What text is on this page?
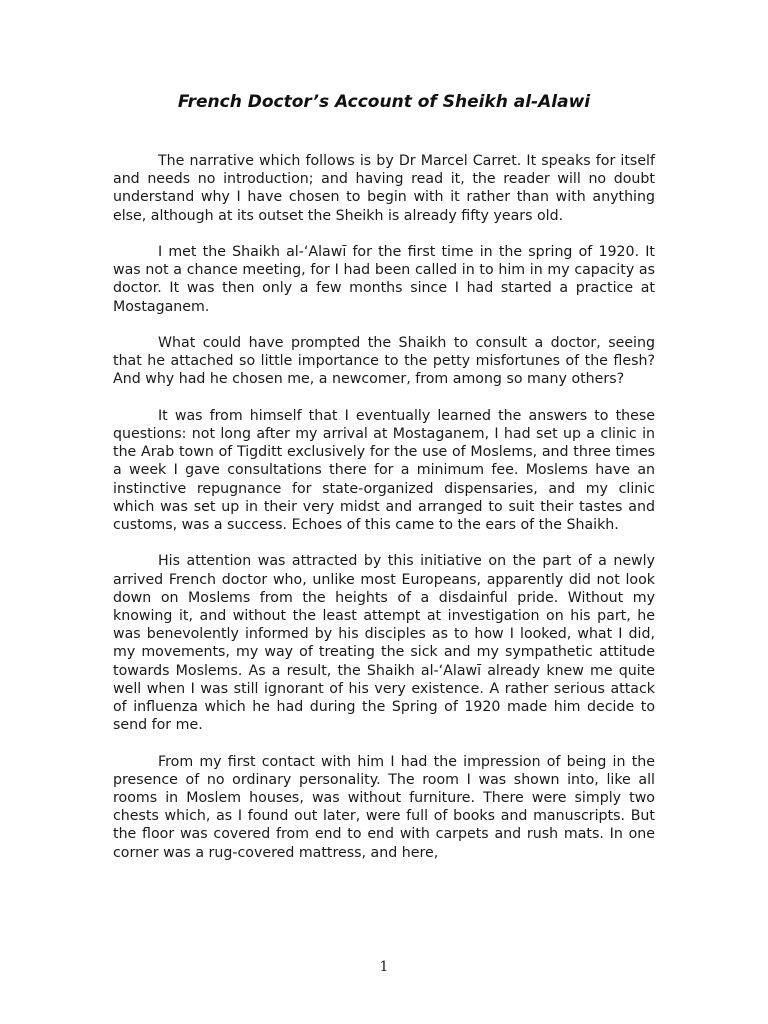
French Doctor’s Account of Sheikh al-Alawi

The narrative which follows is by Dr Marcel Carret. It speaks for itself and needs no introduction; and having read it, the reader will no doubt understand why I have chosen to begin with it rather than with anything else, although at its outset the Sheikh is already fifty years old.

I met the Shaikh al-‘Alawī for the first time in the spring of 1920. It was not a chance meeting, for I had been called in to him in my capacity as doctor. It was then only a few months since I had started a practice at Mostaganem.

What could have prompted the Shaikh to consult a doctor, seeing that he attached so little importance to the petty misfortunes of the flesh? And why had he chosen me, a newcomer, from among so many others?

It was from himself that I eventually learned the answers to these questions: not long after my arrival at Mostaganem, I had set up a clinic in the Arab town of Tigditt exclusively for the use of Moslems, and three times a week I gave consultations there for a minimum fee. Moslems have an instinctive repugnance for state-organized dispensaries, and my clinic which was set up in their very midst and arranged to suit their tastes and customs, was a success. Echoes of this came to the ears of the Shaikh.

His attention was attracted by this initiative on the part of a newly arrived French doctor who, unlike most Europeans, apparently did not look down on Moslems from the heights of a disdainful pride. Without my knowing it, and without the least attempt at investigation on his part, he was benevolently informed by his disciples as to how I looked, what I did, my movements, my way of treating the sick and my sympathetic attitude towards Moslems. As a result, the Shaikh al-‘Alawī already knew me quite well when I was still ignorant of his very existence. A rather serious attack of influenza which he had during the Spring of 1920 made him decide to send for me.

From my first contact with him I had the impression of being in the presence of no ordinary personality. The room I was shown into, like all rooms in Moslem houses, was without furniture. There were simply two chests which, as I found out later, were full of books and manuscripts. But the floor was covered from end to end with carpets and rush mats. In one corner was a rug-covered mattress, and here,

1
